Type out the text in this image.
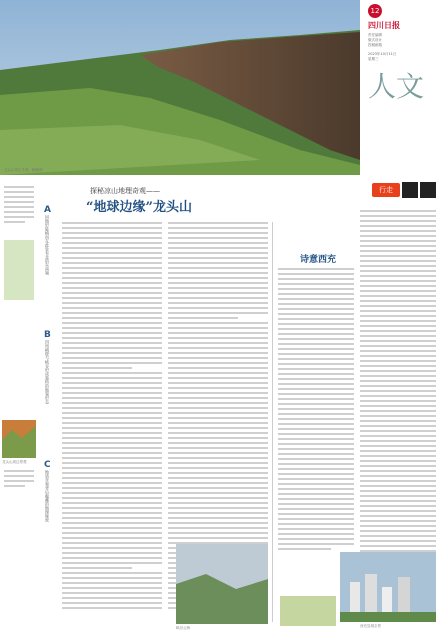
龙头山景区外观，俯瞰图
12
四川日报
责任编辑
版式设计
投稿邮箱
2023年10月11日
星期三
人文
行走
龙头山周边景观
A
因地形陡峭而在此处有北的东南端
B
四周峭壁与峡谷形成独特的地貌形态
C
地质奇观背后蕴藏的地理秘密
探秘凉山地理奇观——
“地球边缘”龙头山
诗意西充
峡谷云海	西充县城全景
